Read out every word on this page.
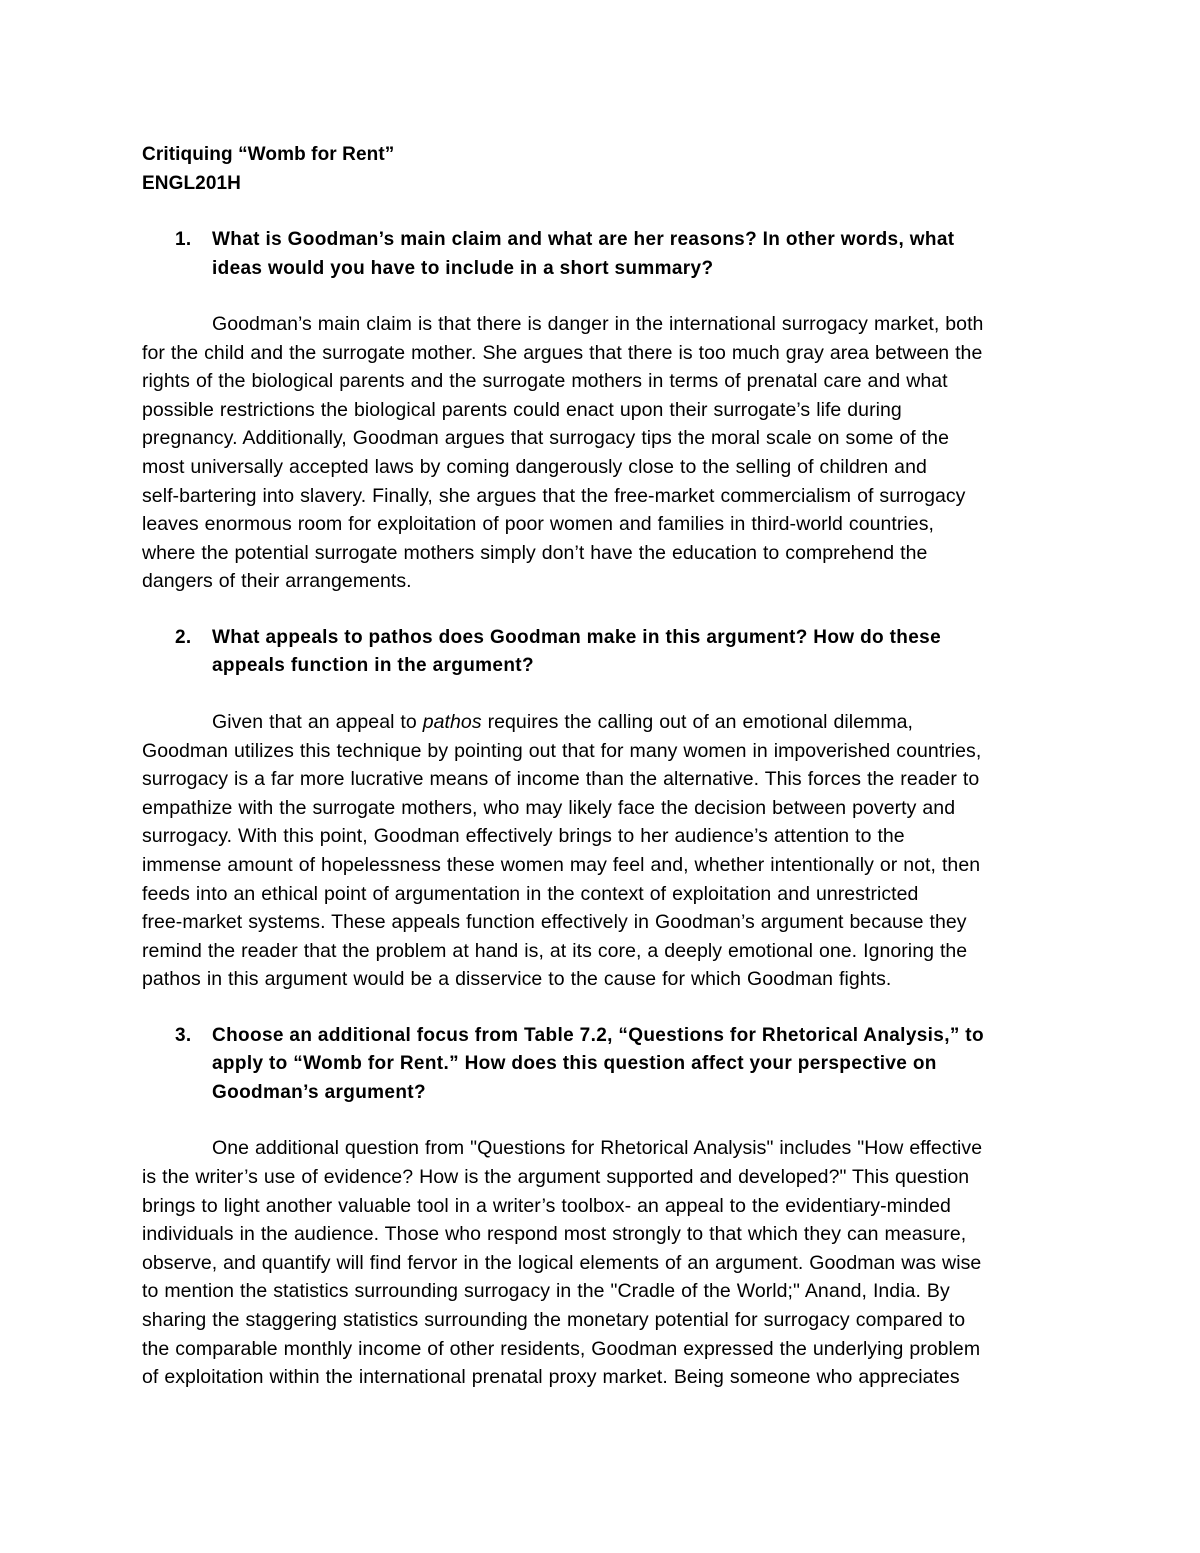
Critiquing “Womb for Rent”

ENGL201H

1. What is Goodman’s main claim and what are her reasons? In other words, what
ideas would you have to include in a short summary?
Goodman’s main claim is that there is danger in the international surrogacy market, both
for the child and the surrogate mother. She argues that there is too much gray area between the
rights of the biological parents and the surrogate mothers in terms of prenatal care and what
possible restrictions the biological parents could enact upon their surrogate’s life during
pregnancy. Additionally, Goodman argues that surrogacy tips the moral scale on some of the
most universally accepted laws by coming dangerously close to the selling of children and
self-bartering into slavery. Finally, she argues that the free-market commercialism of surrogacy
leaves enormous room for exploitation of poor women and families in third-world countries,
where the potential surrogate mothers simply don’t have the education to comprehend the
dangers of their arrangements.
2. What appeals to pathos does Goodman make in this argument? How do these
appeals function in the argument?
Given that an appeal to pathos requires the calling out of an emotional dilemma,
Goodman utilizes this technique by pointing out that for many women in impoverished countries,
surrogacy is a far more lucrative means of income than the alternative. This forces the reader to
empathize with the surrogate mothers, who may likely face the decision between poverty and
surrogacy. With this point, Goodman effectively brings to her audience’s attention to the
immense amount of hopelessness these women may feel and, whether intentionally or not, then
feeds into an ethical point of argumentation in the context of exploitation and unrestricted
free-market systems. These appeals function effectively in Goodman’s argument because they
remind the reader that the problem at hand is, at its core, a deeply emotional one. Ignoring the
pathos in this argument would be a disservice to the cause for which Goodman fights.
3. Choose an additional focus from Table 7.2, “Questions for Rhetorical Analysis,” to
apply to “Womb for Rent.” How does this question affect your perspective on
Goodman’s argument?
One additional question from "Questions for Rhetorical Analysis" includes "How effective
is the writer’s use of evidence? How is the argument supported and developed?" This question
brings to light another valuable tool in a writer’s toolbox- an appeal to the evidentiary-minded
individuals in the audience. Those who respond most strongly to that which they can measure,
observe, and quantify will find fervor in the logical elements of an argument. Goodman was wise
to mention the statistics surrounding surrogacy in the "Cradle of the World;" Anand, India. By
sharing the staggering statistics surrounding the monetary potential for surrogacy compared to
the comparable monthly income of other residents, Goodman expressed the underlying problem
of exploitation within the international prenatal proxy market. Being someone who appreciates
